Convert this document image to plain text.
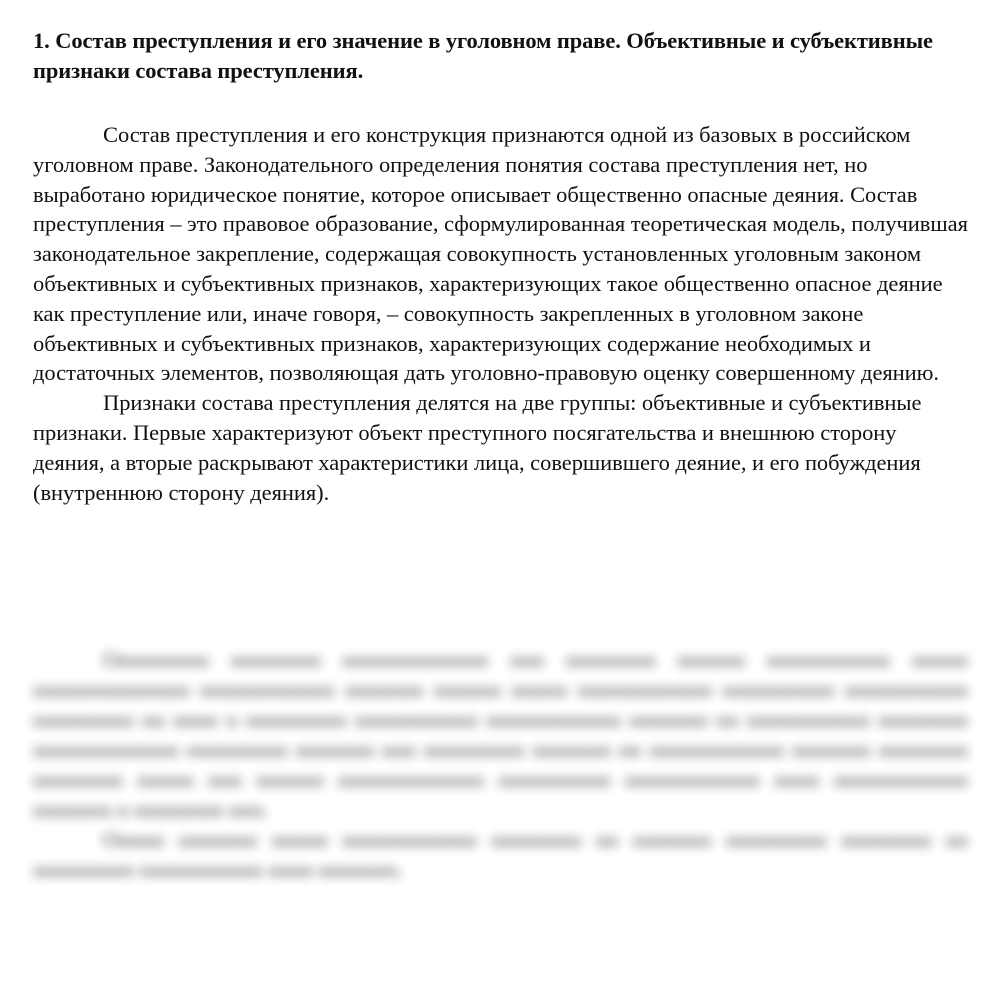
1. Состав преступления и его значение в уголовном праве. Объективные и субъективные признаки состава преступления.

Состав преступления и его конструкция признаются одной из базовых в российском уголовном праве. Законодательного определения понятия состава преступления нет, но выработано юридическое понятие, которое описывает общественно опасные деяния. Состав преступления – это правовое образование, сформулированная теоретическая модель, получившая законодательное закрепление, содержащая совокупность установленных уголовным законом объективных и субъективных признаков, характеризующих такое общественно опасное деяние как преступление или, иначе говоря, – совокупность закрепленных в уголовном законе объективных и субъективных признаков, характеризующих содержание необходимых и достаточных элементов, позволяющая дать уголовно-правовую оценку совершенному деянию.

Признаки состава преступления делятся на две группы: объективные и субъективные признаки. Первые характеризуют объект преступного посягательства и внешнюю сторону деяния, а вторые раскрывают характеристики лица, совершившего деяние, и его побуждения (внутреннюю сторону деяния).

Ооооооооо оооооооо ооооооооооооо ооо оооооооо оооооо ооооооооооо ооооо оооооооооооооо оооооооооооо ооооооо оооооо ооооо оооооооооооо оооооооооо ооооооооооо ооооооооо оо оооо о ооооооооо ооооооооооо оооооооооооо ооооооо оо ооооооооооо оооооооо ооооооооооооо ооооооооо ооооооо ооо ооооооооо ооооооо оо оооооооооооо ооооооо оооооооо оооооооо ооооо ооо оооооо ооооооооооооо оооооооооо оооооооооооо оооо оооооооооооо ооооооо о оооооооо ооо.

Ооооо ооооооо ооооо оооооооооооо оооооооо оо ооооооо ооооооооо оооооооо оо ооооооооо ооооооооооо оооо ооооооо.
